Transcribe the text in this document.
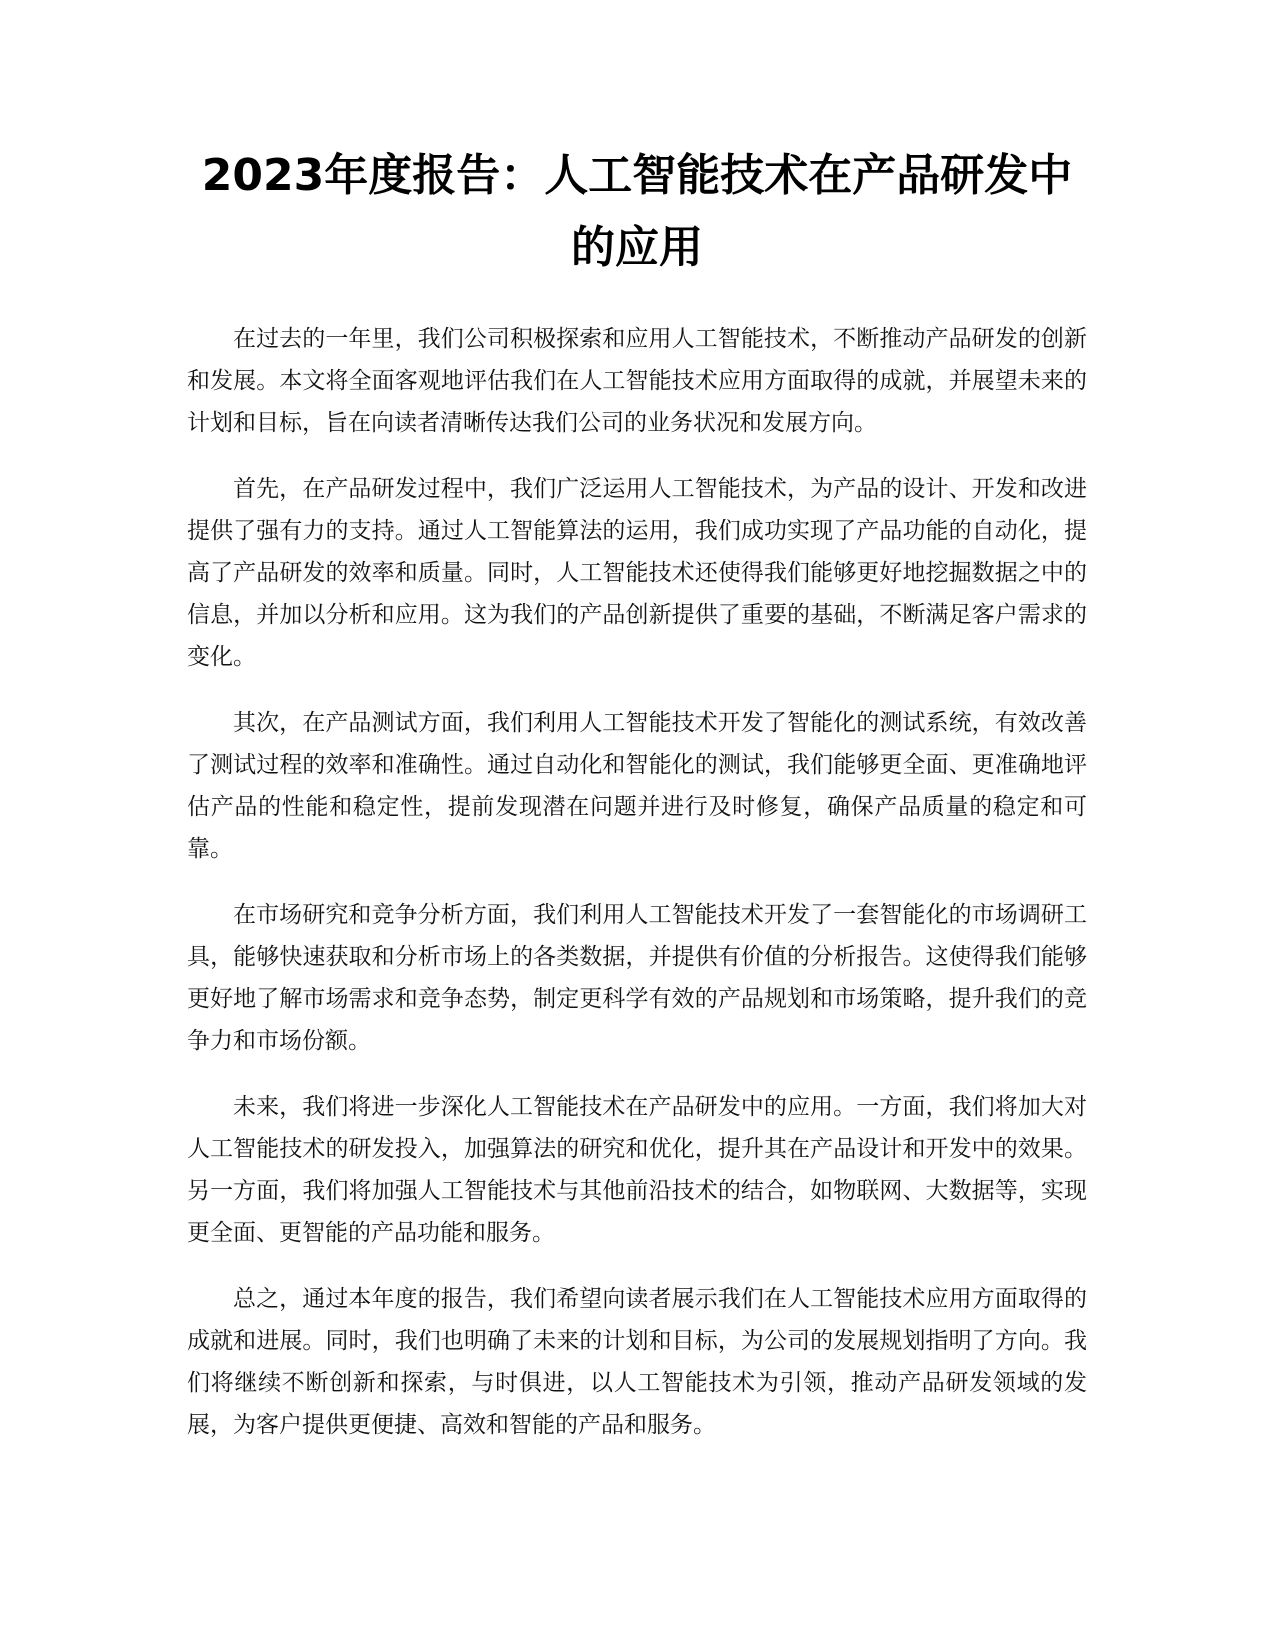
2023年度报告：人工智能技术在产品研发中的应用

在过去的一年里，我们公司积极探索和应用人工智能技术，不断推动产品研发的创新和发展。本文将全面客观地评估我们在人工智能技术应用方面取得的成就，并展望未来的计划和目标，旨在向读者清晰传达我们公司的业务状况和发展方向。

首先，在产品研发过程中，我们广泛运用人工智能技术，为产品的设计、开发和改进提供了强有力的支持。通过人工智能算法的运用，我们成功实现了产品功能的自动化，提高了产品研发的效率和质量。同时，人工智能技术还使得我们能够更好地挖掘数据之中的信息，并加以分析和应用。这为我们的产品创新提供了重要的基础，不断满足客户需求的变化。

其次，在产品测试方面，我们利用人工智能技术开发了智能化的测试系统，有效改善了测试过程的效率和准确性。通过自动化和智能化的测试，我们能够更全面、更准确地评估产品的性能和稳定性，提前发现潜在问题并进行及时修复，确保产品质量的稳定和可靠。

在市场研究和竞争分析方面，我们利用人工智能技术开发了一套智能化的市场调研工具，能够快速获取和分析市场上的各类数据，并提供有价值的分析报告。这使得我们能够更好地了解市场需求和竞争态势，制定更科学有效的产品规划和市场策略，提升我们的竞争力和市场份额。

未来，我们将进一步深化人工智能技术在产品研发中的应用。一方面，我们将加大对人工智能技术的研发投入，加强算法的研究和优化，提升其在产品设计和开发中的效果。另一方面，我们将加强人工智能技术与其他前沿技术的结合，如物联网、大数据等，实现更全面、更智能的产品功能和服务。

总之，通过本年度的报告，我们希望向读者展示我们在人工智能技术应用方面取得的成就和进展。同时，我们也明确了未来的计划和目标，为公司的发展规划指明了方向。我们将继续不断创新和探索，与时俱进，以人工智能技术为引领，推动产品研发领域的发展，为客户提供更便捷、高效和智能的产品和服务。
